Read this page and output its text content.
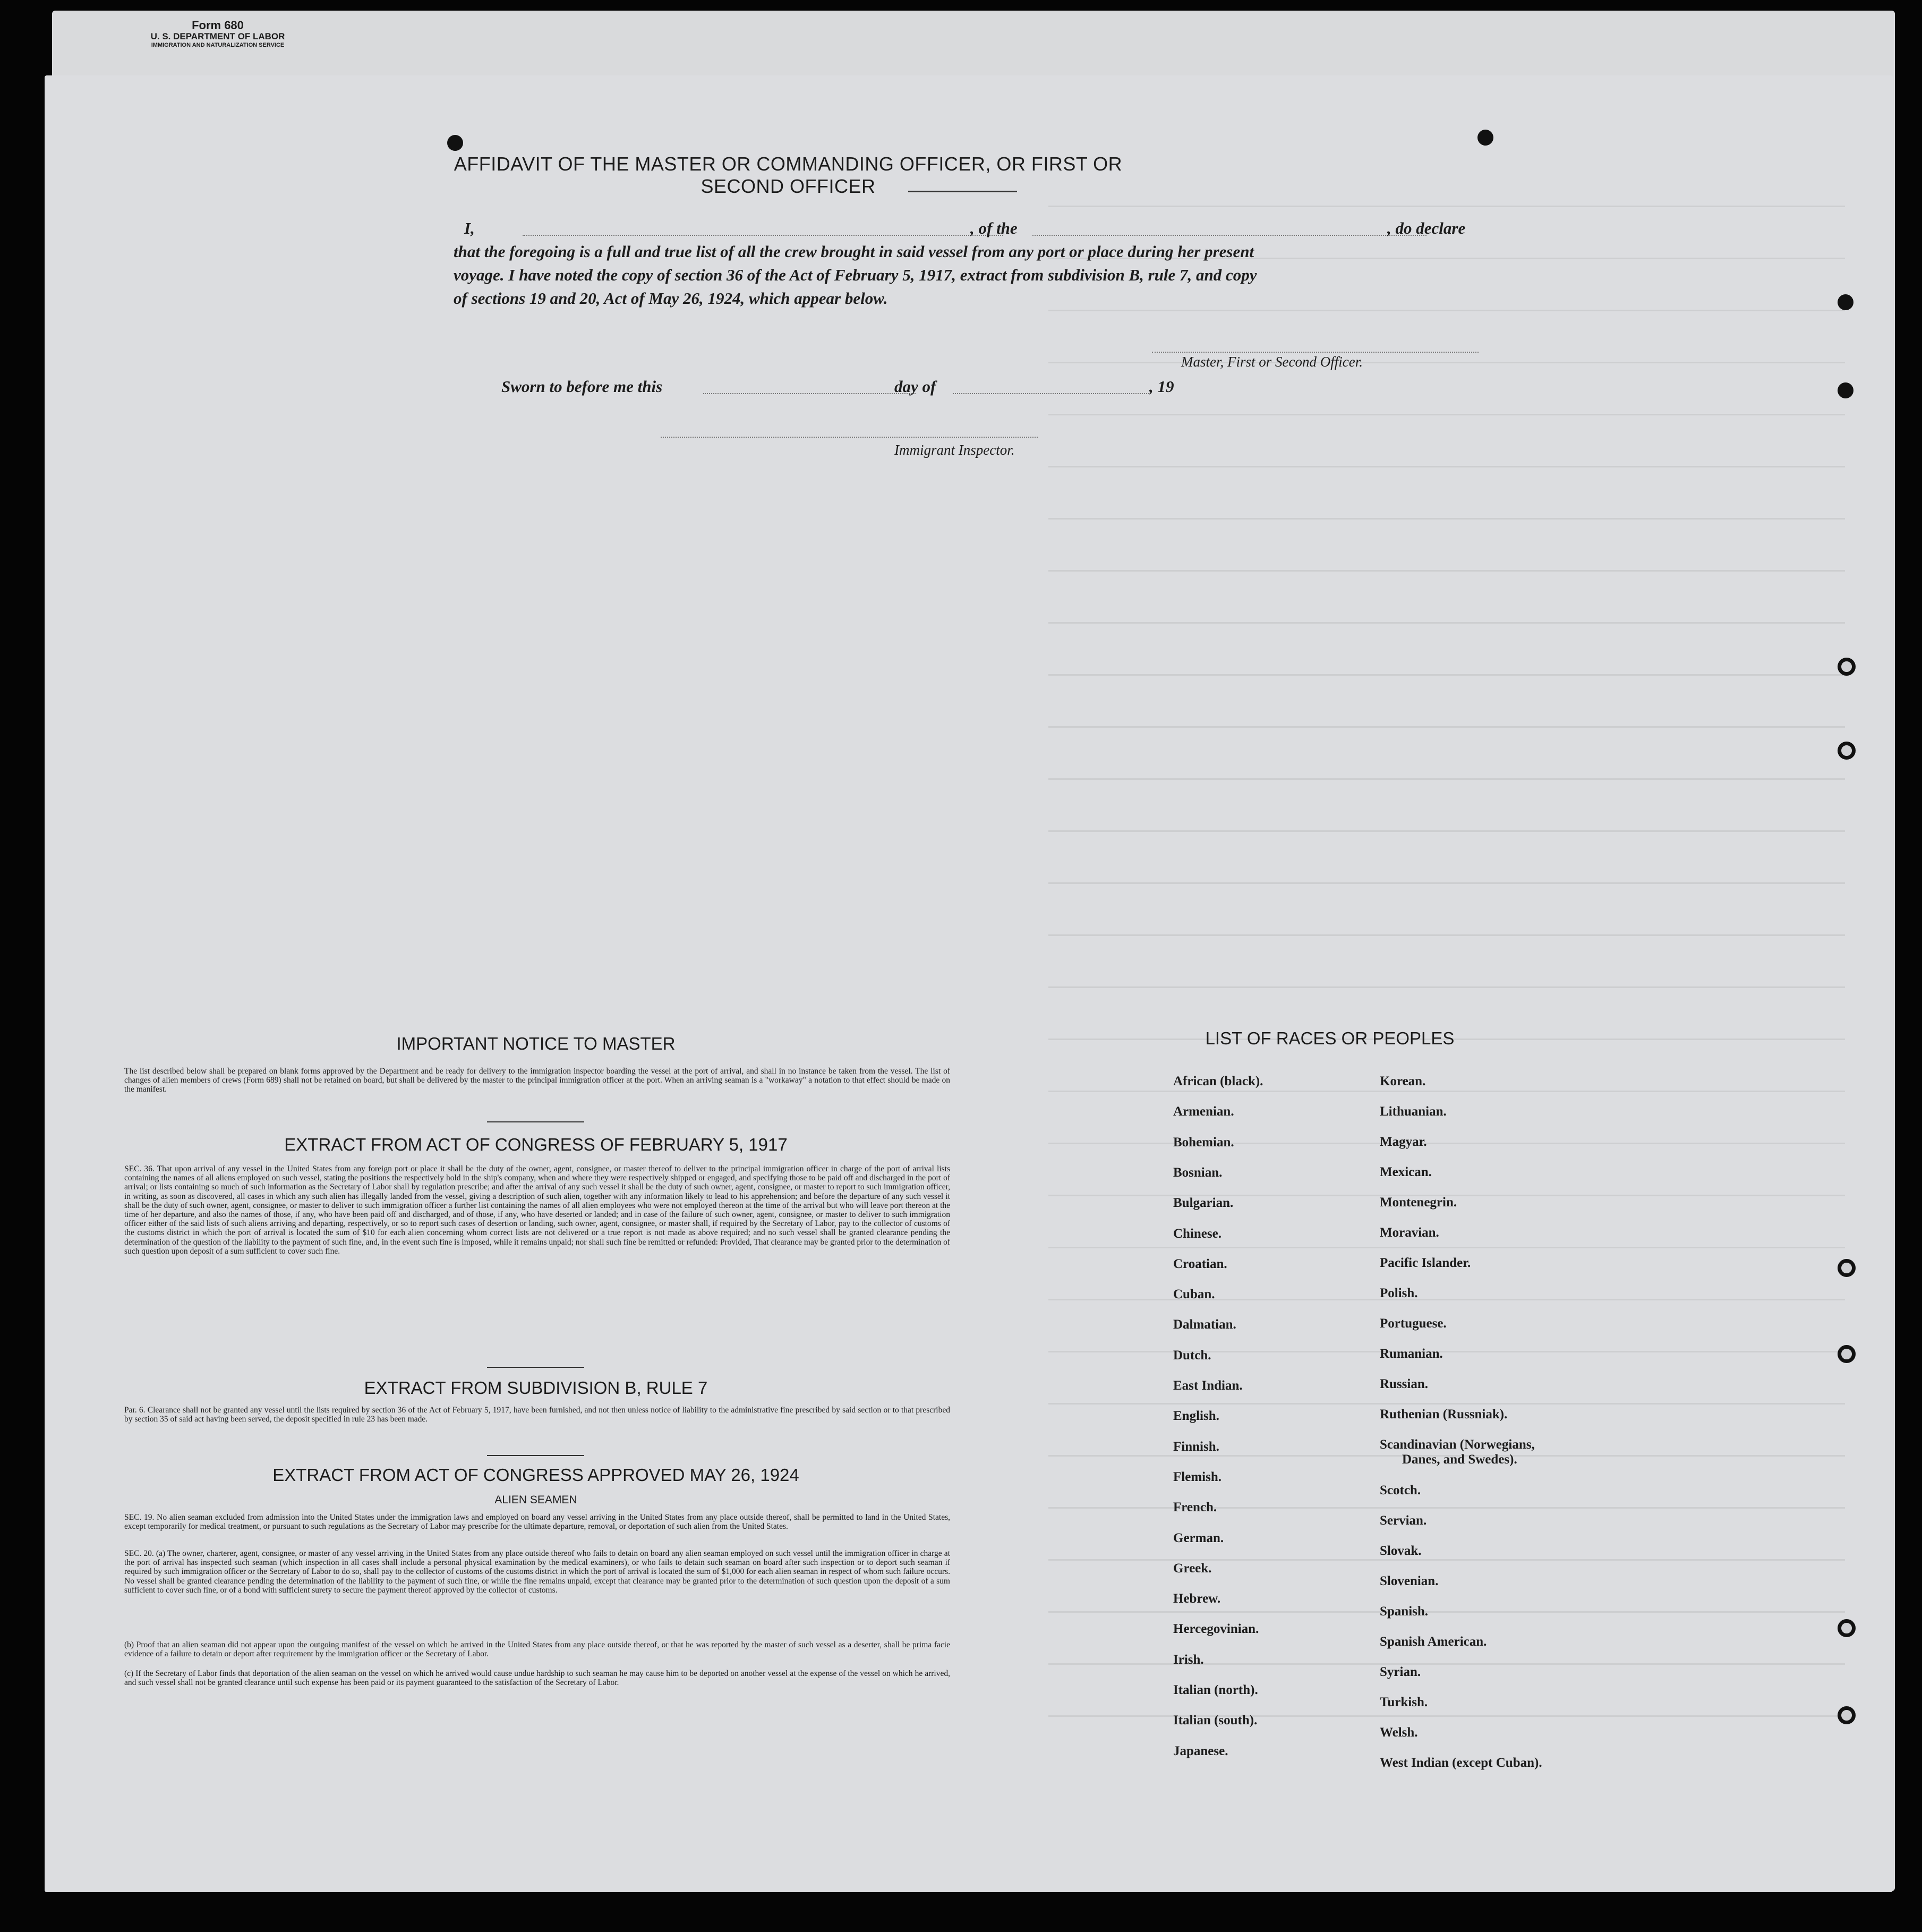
Form 680
U. S. DEPARTMENT OF LABOR
IMMIGRATION AND NATURALIZATION SERVICE
AFFIDAVIT OF THE MASTER OR COMMANDING OFFICER, OR FIRST OR SECOND OFFICER
I,	, of the	, do declare
that the foregoing is a full and true list of all the crew brought in said vessel from any port or place during her present
voyage. I have noted the copy of section 36 of the Act of February 5, 1917, extract from subdivision B, rule 7, and copy
of sections 19 and 20, Act of May 26, 1924, which appear below.
Master, First or Second Officer.
Sworn to before me this	day of	, 19
Immigrant Inspector.
IMPORTANT NOTICE TO MASTER
The list described below shall be prepared on blank forms approved by the Department and be ready for delivery to the immigration inspector boarding the vessel at the port of arrival, and shall in no instance be taken from the vessel. The list of changes of alien members of crews (Form 689) shall not be retained on board, but shall be delivered by the master to the principal immigration officer at the port. When an arriving seaman is a "workaway" a notation to that effect should be made on the manifest.
EXTRACT FROM ACT OF CONGRESS OF FEBRUARY 5, 1917
SEC. 36. That upon arrival of any vessel in the United States from any foreign port or place it shall be the duty of the owner, agent, consignee, or master thereof to deliver to the principal immigration officer in charge of the port of arrival lists containing the names of all aliens employed on such vessel, stating the positions the respectively hold in the ship's company, when and where they were respectively shipped or engaged, and specifying those to be paid off and discharged in the port of arrival; or lists containing so much of such information as the Secretary of Labor shall by regulation prescribe; and after the arrival of any such vessel it shall be the duty of such owner, agent, consignee, or master to report to such immigration officer, in writing, as soon as discovered, all cases in which any such alien has illegally landed from the vessel, giving a description of such alien, together with any information likely to lead to his apprehension; and before the departure of any such vessel it shall be the duty of such owner, agent, consignee, or master to deliver to such immigration officer a further list containing the names of all alien employees who were not employed thereon at the time of the arrival but who will leave port thereon at the time of her departure, and also the names of those, if any, who have been paid off and discharged, and of those, if any, who have deserted or landed; and in case of the failure of such owner, agent, consignee, or master to deliver to such immigration officer either of the said lists of such aliens arriving and departing, respectively, or so to report such cases of desertion or landing, such owner, agent, consignee, or master shall, if required by the Secretary of Labor, pay to the collector of customs of the customs district in which the port of arrival is located the sum of $10 for each alien concerning whom correct lists are not delivered or a true report is not made as above required; and no such vessel shall be granted clearance pending the determination of the question of the liability to the payment of such fine, and, in the event such fine is imposed, while it remains unpaid; nor shall such fine be remitted or refunded: Provided, That clearance may be granted prior to the determination of such question upon deposit of a sum sufficient to cover such fine.
EXTRACT FROM SUBDIVISION B, RULE 7
Par. 6. Clearance shall not be granted any vessel until the lists required by section 36 of the Act of February 5, 1917, have been furnished, and not then unless notice of liability to the administrative fine prescribed by said section or to that prescribed by section 35 of said act having been served, the deposit specified in rule 23 has been made.
EXTRACT FROM ACT OF CONGRESS APPROVED MAY 26, 1924
ALIEN SEAMEN
SEC. 19. No alien seaman excluded from admission into the United States under the immigration laws and employed on board any vessel arriving in the United States from any place outside thereof, shall be permitted to land in the United States, except temporarily for medical treatment, or pursuant to such regulations as the Secretary of Labor may prescribe for the ultimate departure, removal, or deportation of such alien from the United States.
SEC. 20. (a) The owner, charterer, agent, consignee, or master of any vessel arriving in the United States from any place outside thereof who fails to detain on board any alien seaman employed on such vessel until the immigration officer in charge at the port of arrival has inspected such seaman (which inspection in all cases shall include a personal physical examination by the medical examiners), or who fails to detain such seaman on board after such inspection or to deport such seaman if required by such immigration officer or the Secretary of Labor to do so, shall pay to the collector of customs of the customs district in which the port of arrival is located the sum of $1,000 for each alien seaman in respect of whom such failure occurs. No vessel shall be granted clearance pending the determination of the liability to the payment of such fine, or while the fine remains unpaid, except that clearance may be granted prior to the determination of such question upon the deposit of a sum sufficient to cover such fine, or of a bond with sufficient surety to secure the payment thereof approved by the collector of customs.
(b) Proof that an alien seaman did not appear upon the outgoing manifest of the vessel on which he arrived in the United States from any place outside thereof, or that he was reported by the master of such vessel as a deserter, shall be prima facie evidence of a failure to detain or deport after requirement by the immigration officer or the Secretary of Labor.
(c) If the Secretary of Labor finds that deportation of the alien seaman on the vessel on which he arrived would cause undue hardship to such seaman he may cause him to be deported on another vessel at the expense of the vessel on which he arrived, and such vessel shall not be granted clearance until such expense has been paid or its payment guaranteed to the satisfaction of the Secretary of Labor.
LIST OF RACES OR PEOPLES
African (black).
Armenian.
Bohemian.
Bosnian.
Bulgarian.
Chinese.
Croatian.
Cuban.
Dalmatian.
Dutch.
East Indian.
English.
Finnish.
Flemish.
French.
German.
Greek.
Hebrew.
Hercegovinian.
Irish.
Italian (north).
Italian (south).
Japanese.
Korean.
Lithuanian.
Magyar.
Mexican.
Montenegrin.
Moravian.
Pacific Islander.
Polish.
Portuguese.
Rumanian.
Russian.
Ruthenian (Russniak).
Scandinavian (Norwegians,
Danes, and Swedes).
Scotch.
Servian.
Slovak.
Slovenian.
Spanish.
Spanish American.
Syrian.
Turkish.
Welsh.
West Indian (except Cuban).
